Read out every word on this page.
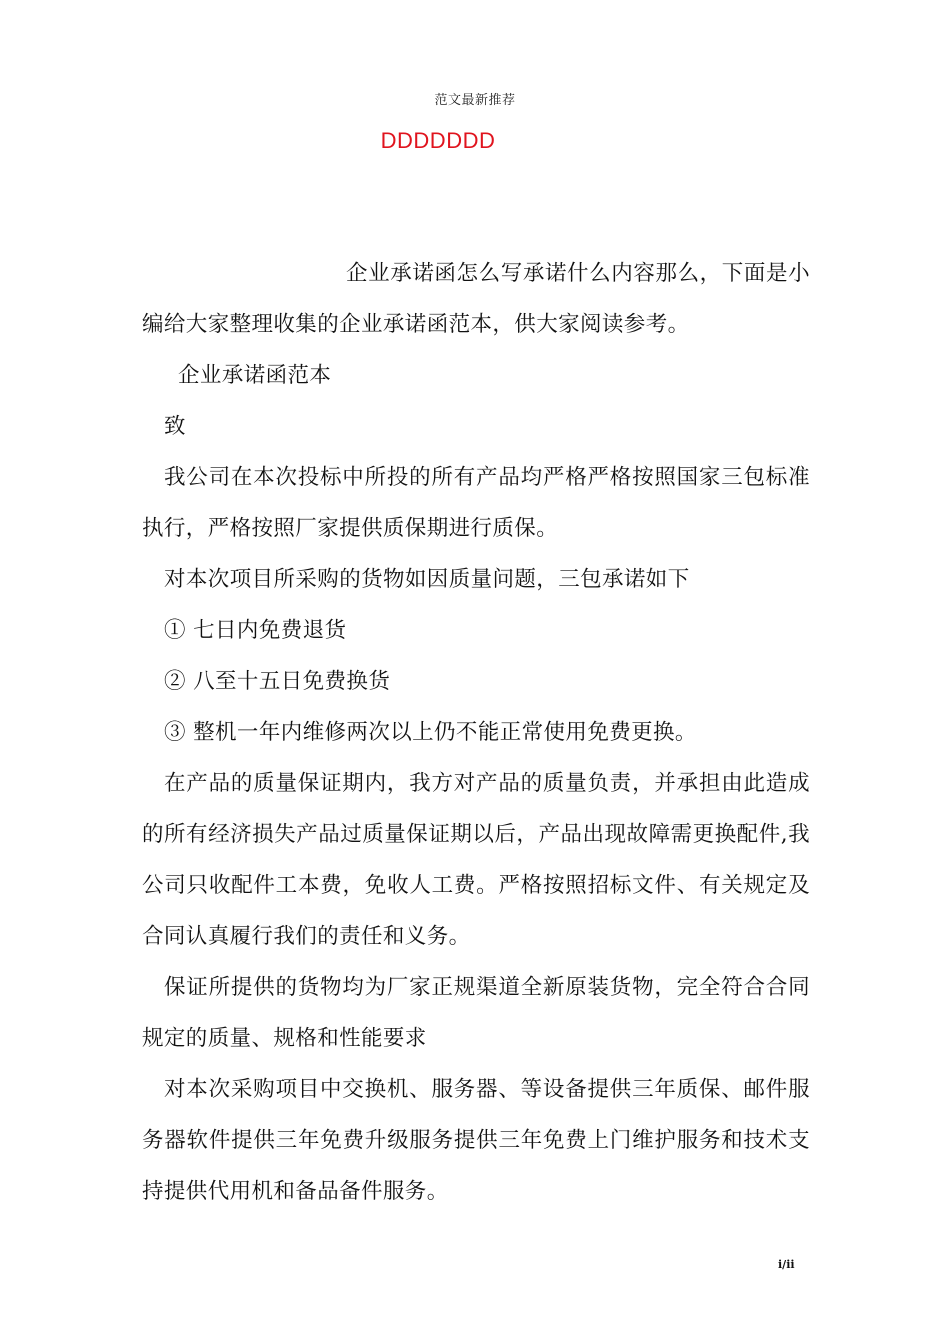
范文最新推荐
DDDDDDD

企业承诺函怎么写承诺什么内容那么，下面是小编给大家整理收集的企业承诺函范本，供大家阅读参考。

企业承诺函范本

致

我公司在本次投标中所投的所有产品均严格严格按照国家三包标准执行，严格按照厂家提供质保期进行质保。

对本次项目所采购的货物如因质量问题，三包承诺如下

① 七日内免费退货

② 八至十五日免费换货

③ 整机一年内维修两次以上仍不能正常使用免费更换。

在产品的质量保证期内，我方对产品的质量负责，并承担由此造成的所有经济损失产品过质量保证期以后，产品出现故障需更换配件,我公司只收配件工本费，免收人工费。严格按照招标文件、有关规定及合同认真履行我们的责任和义务。

保证所提供的货物均为厂家正规渠道全新原装货物，完全符合合同规定的质量、规格和性能要求

对本次采购项目中交换机、服务器、等设备提供三年质保、邮件服务器软件提供三年免费升级服务提供三年免费上门维护服务和技术支持提供代用机和备品备件服务。

i/ii
